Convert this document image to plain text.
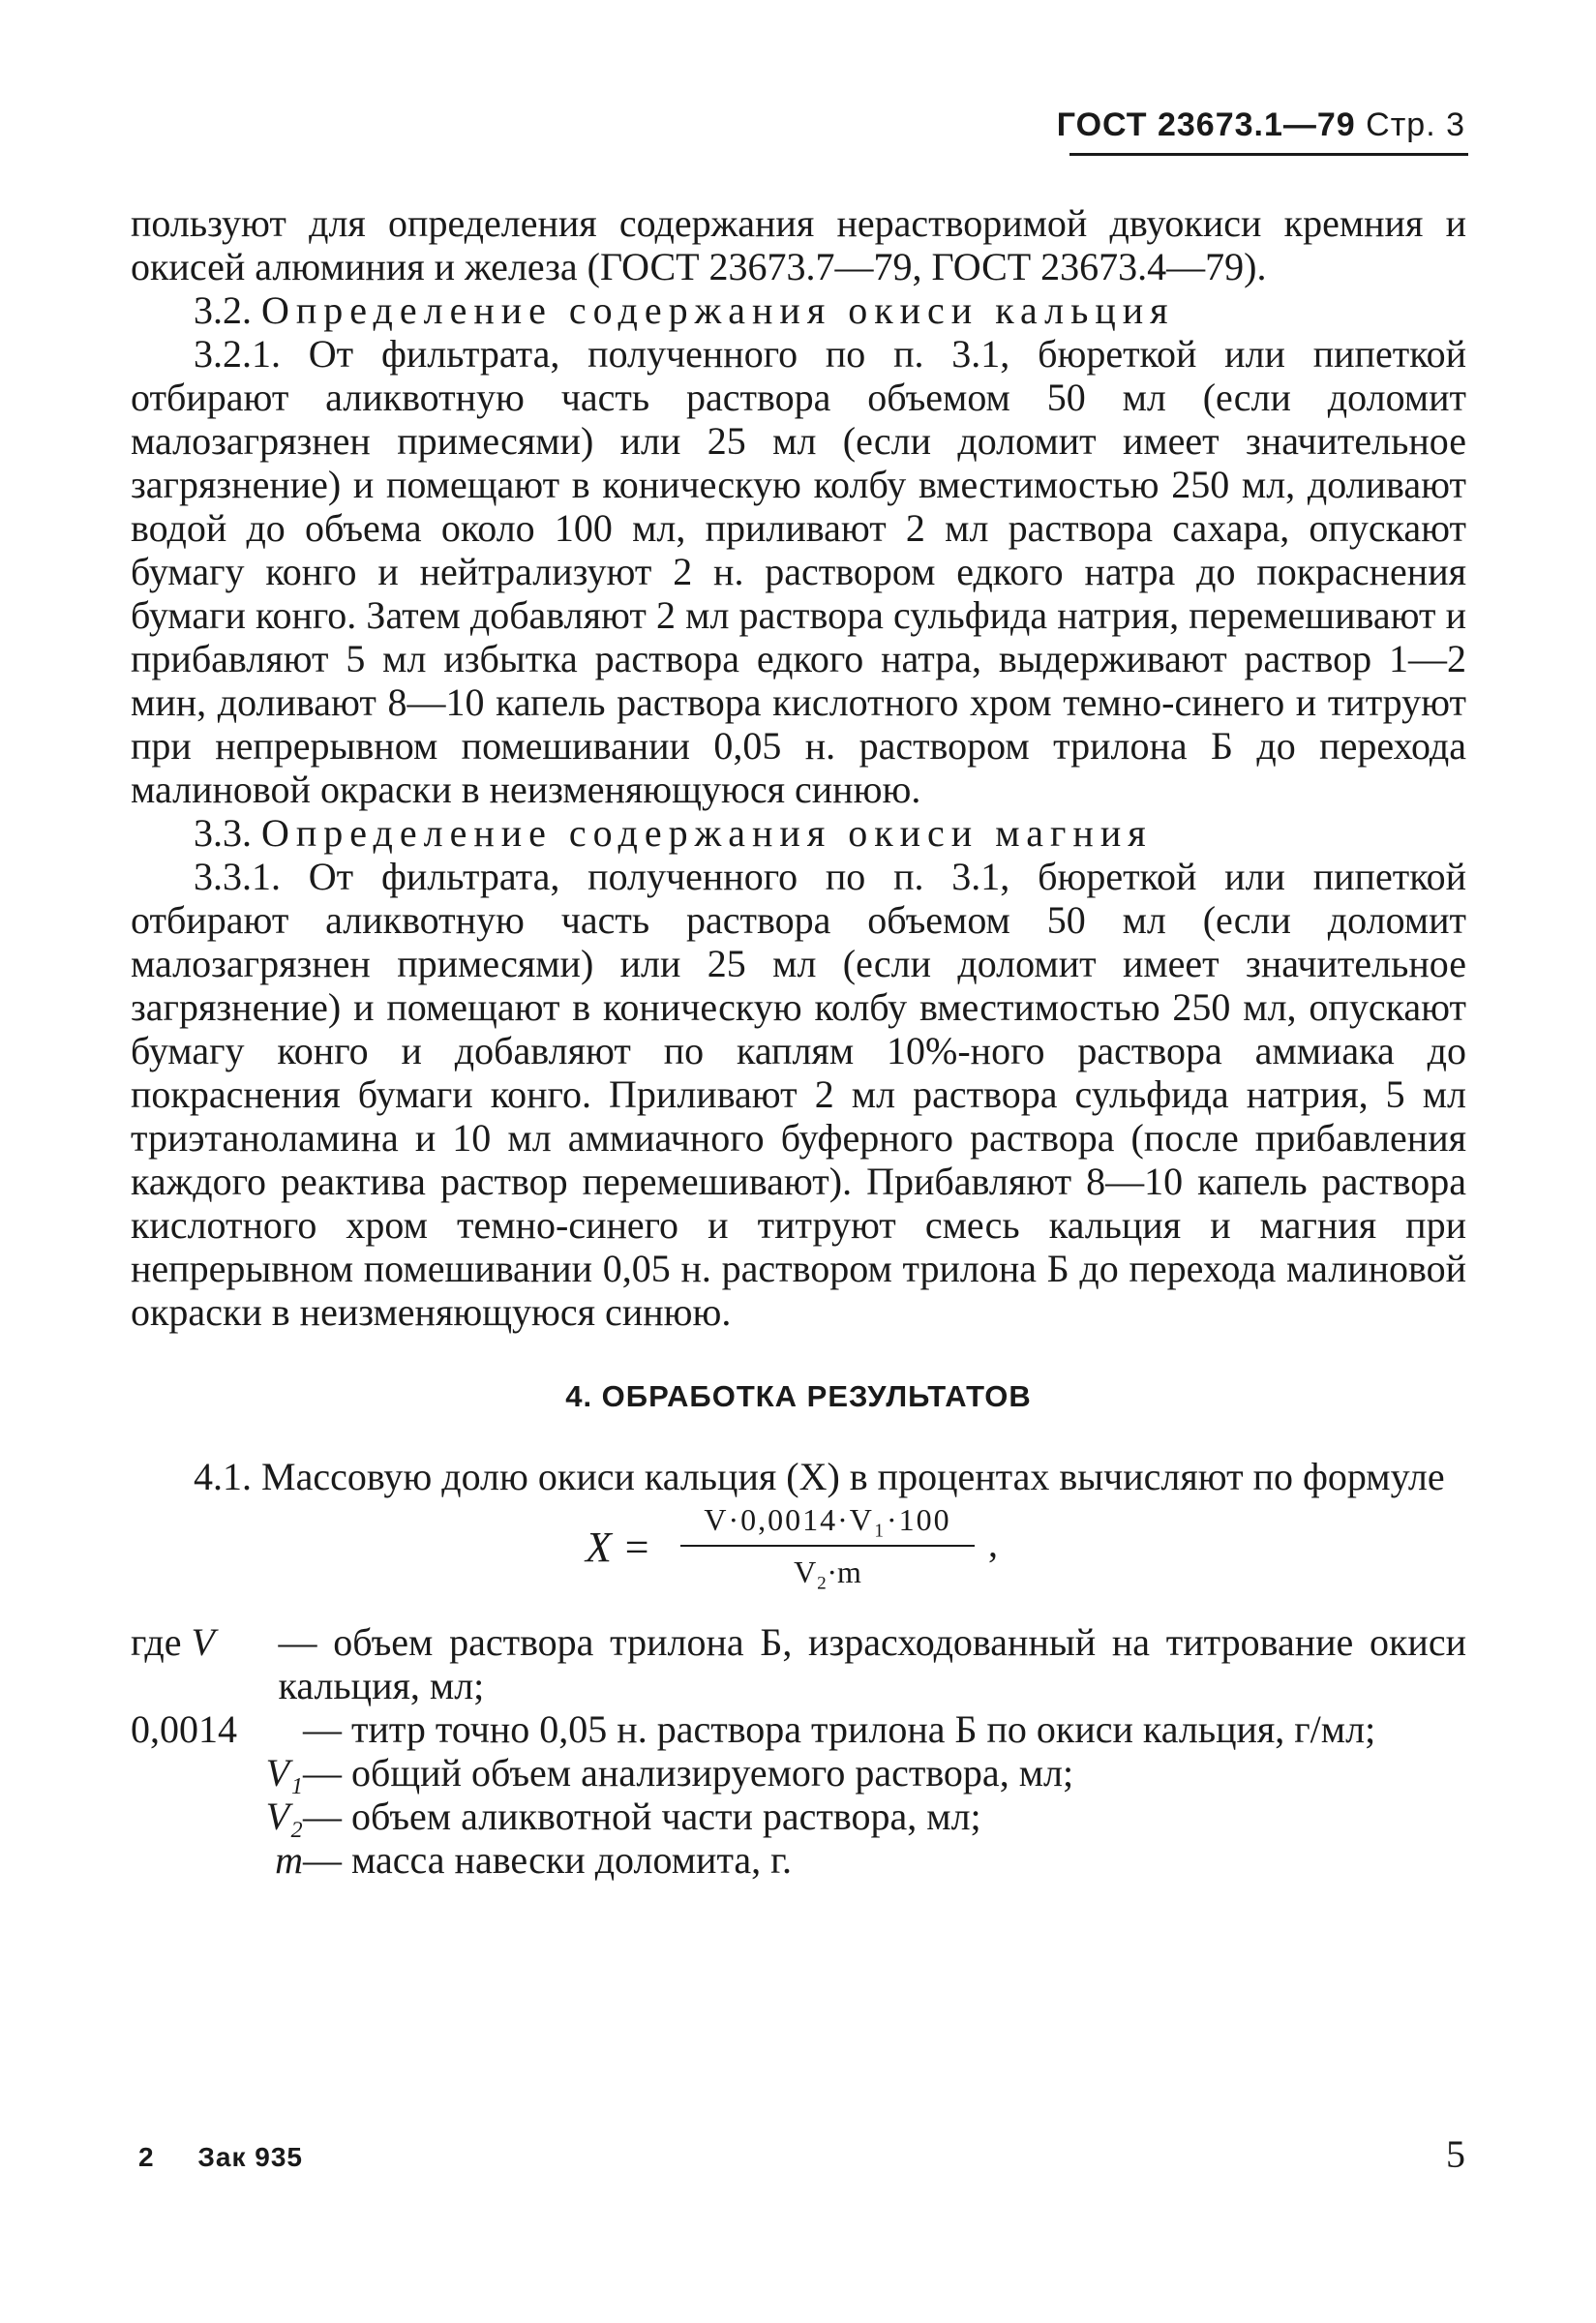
ГОСТ 23673.1—79 Стр. 3

пользуют для определения содержания нерастворимой двуокиси кремния и окисей алюминия и железа (ГОСТ 23673.7—79, ГОСТ 23673.4—79).

3.2. Определение содержания окиси кальция

3.2.1. От фильтрата, полученного по п. 3.1, бюреткой или пипеткой отбирают аликвотную часть раствора объемом 50 мл (если доломит малозагрязнен примесями) или 25 мл (если доломит имеет значительное загрязнение) и помещают в коническую колбу вместимостью 250 мл, доливают водой до объема около 100 мл, приливают 2 мл раствора сахара, опускают бумагу конго и нейтрализуют 2 н. раствором едкого натра до покраснения бумаги конго. Затем добавляют 2 мл раствора сульфида натрия, перемешивают и прибавляют 5 мл избытка раствора едкого натра, выдерживают раствор 1—2 мин, доливают 8—10 капель раствора кислотного хром темно-синего и титруют при непрерывном помешивании 0,05 н. раствором трилона Б до перехода малиновой окраски в неизменяющуюся синюю.

3.3. Определение содержания окиси магния

3.3.1. От фильтрата, полученного по п. 3.1, бюреткой или пипеткой отбирают аликвотную часть раствора объемом 50 мл (если доломит малозагрязнен примесями) или 25 мл (если доломит имеет значительное загрязнение) и помещают в коническую колбу вместимостью 250 мл, опускают бумагу конго и добавляют по каплям 10%-ного раствора аммиака до покраснения бумаги конго. Приливают 2 мл раствора сульфида натрия, 5 мл триэтаноламина и 10 мл аммиачного буферного раствора (после прибавления каждого реактива раствор перемешивают). Прибавляют 8—10 капель раствора кислотного хром темно-синего и титруют смесь кальция и магния при непрерывном помешивании 0,05 н. раствором трилона Б до перехода малиновой окраски в неизменяющуюся синюю.

4. ОБРАБОТКА РЕЗУЛЬТАТОВ

4.1. Массовую долю окиси кальция (X) в процентах вычисляют по формуле

X =
V·0,0014·V₁·100
V₂·m
,
где V	— объем раствора трилона Б, израсходованный на титрование окиси кальция, мл;
0,0014	— титр точно 0,05 н. раствора трилона Б по окиси кальция, г/мл;
V₁ — общий объем анализируемого раствора, мл;
V₂ — объем аликвотной части раствора, мл;
m — масса навески доломита, г.
2 Зак 935	5
